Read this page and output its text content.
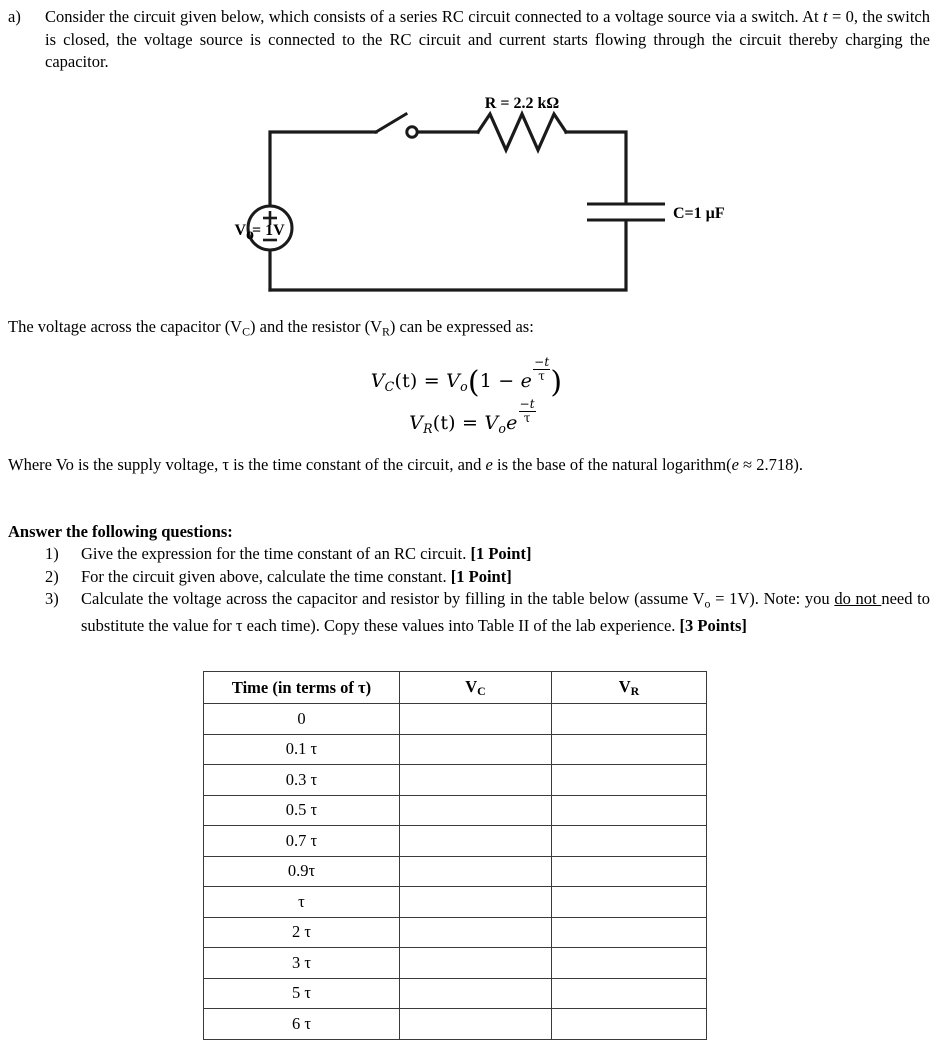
a)	Consider the circuit given below, which consists of a series RC circuit connected to a voltage source via a switch. At t = 0, the switch is closed, the voltage source is connected to the RC circuit and current starts flowing through the circuit thereby charging the capacitor.
V o
= 1V
R = 2.2 kΩ
C=1 µF
The voltage across the capacitor $(V_C)$ and the resistor $(V_R)$ can be expressed as:
VC(t) = Vo(1 − e $\frac{-t}{\tau}$ )
VR(t) = Voe $\frac{-t}{\tau}$
Where Vo is the supply voltage, τ is the time constant of the circuit, and e is the base of the natural logarithm(e ≈ 2.718).
Answer the following questions:
1)	Give the expression for the time constant of an RC circuit. [1 Point]
2)	For the circuit given above, calculate the time constant. [1 Point]
3)	Calculate the voltage across the capacitor and resistor by filling in the table below (assume $V_o = 1V$). Note: you do not need to substitute the value for τ each time). Copy these values into Table II of the lab experience. [3 Points]
Time (in terms of τ)	VC	VR
0		
0.1 τ		
0.3 τ		
0.5 τ		
0.7 τ		
0.9τ		
τ		
2 τ		
3 τ		
5 τ		
6 τ		
